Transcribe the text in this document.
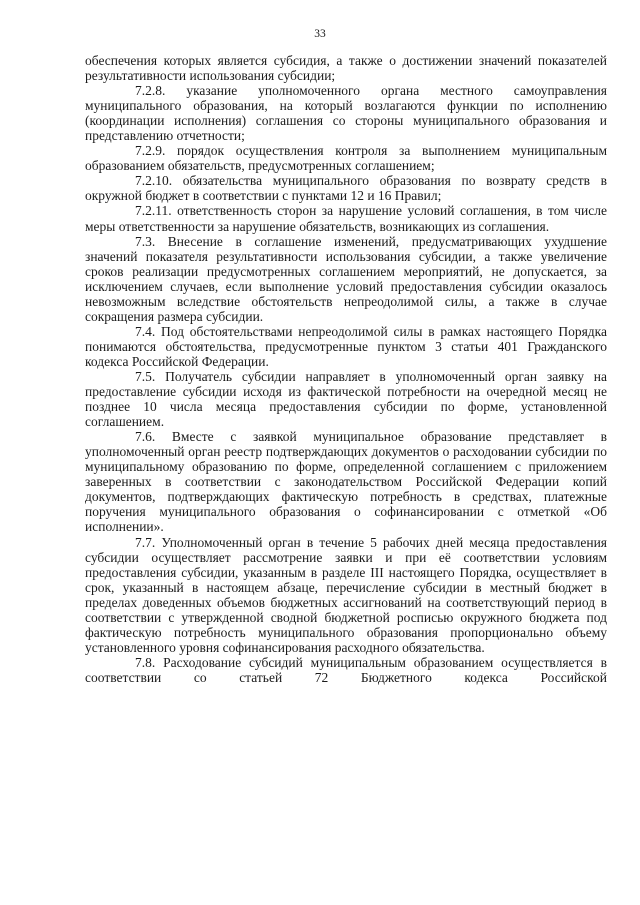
33

обеспечения которых является субсидия, а также о достижении значений показателей результативности использования субсидии;

7.2.8. указание уполномоченного органа местного самоуправления муниципального образования, на который возлагаются функции по исполнению (координации исполнения) соглашения со стороны муниципального образования и представлению отчетности;

7.2.9. порядок осуществления контроля за выполнением муниципальным образованием обязательств, предусмотренных соглашением;

7.2.10. обязательства муниципального образования по возврату средств в окружной бюджет в соответствии с пунктами 12 и 16 Правил;

7.2.11. ответственность сторон за нарушение условий соглашения, в том числе меры ответственности за нарушение обязательств, возникающих из соглашения.

7.3. Внесение в соглашение изменений, предусматривающих ухудшение значений показателя результативности использования субсидии, а также увеличение сроков реализации предусмотренных соглашением мероприятий, не допускается, за исключением случаев, если выполнение условий предоставления субсидии оказалось невозможным вследствие обстоятельств непреодолимой силы, а также в случае сокращения размера субсидии.

7.4. Под обстоятельствами непреодолимой силы в рамках настоящего Порядка понимаются обстоятельства, предусмотренные пунктом 3 статьи 401 Гражданского кодекса Российской Федерации.

7.5. Получатель субсидии направляет в уполномоченный орган заявку на предоставление субсидии исходя из фактической потребности на очередной месяц не позднее 10 числа месяца предоставления субсидии по форме, установленной соглашением.

7.6. Вместе с заявкой муниципальное образование представляет в уполномоченный орган реестр подтверждающих документов о расходовании субсидии по муниципальному образованию по форме, определенной соглашением с приложением заверенных в соответствии с законодательством Российской Федерации копий документов, подтверждающих фактическую потребность в средствах, платежные поручения муниципального образования о софинансировании с отметкой «Об исполнении».

7.7. Уполномоченный орган в течение 5 рабочих дней месяца предоставления субсидии осуществляет рассмотрение заявки и при её соответствии условиям предоставления субсидии, указанным в разделе III настоящего Порядка, осуществляет в срок, указанный в настоящем абзаце, перечисление субсидии в местный бюджет в пределах доведенных объемов бюджетных ассигнований на соответствующий период в соответствии с утвержденной сводной бюджетной росписью окружного бюджета под фактическую потребность муниципального образования пропорционально объему установленного уровня софинансирования расходного обязательства.

7.8. Расходование субсидий муниципальным образованием осуществляется в соответствии со статьей 72 Бюджетного кодекса Российской
